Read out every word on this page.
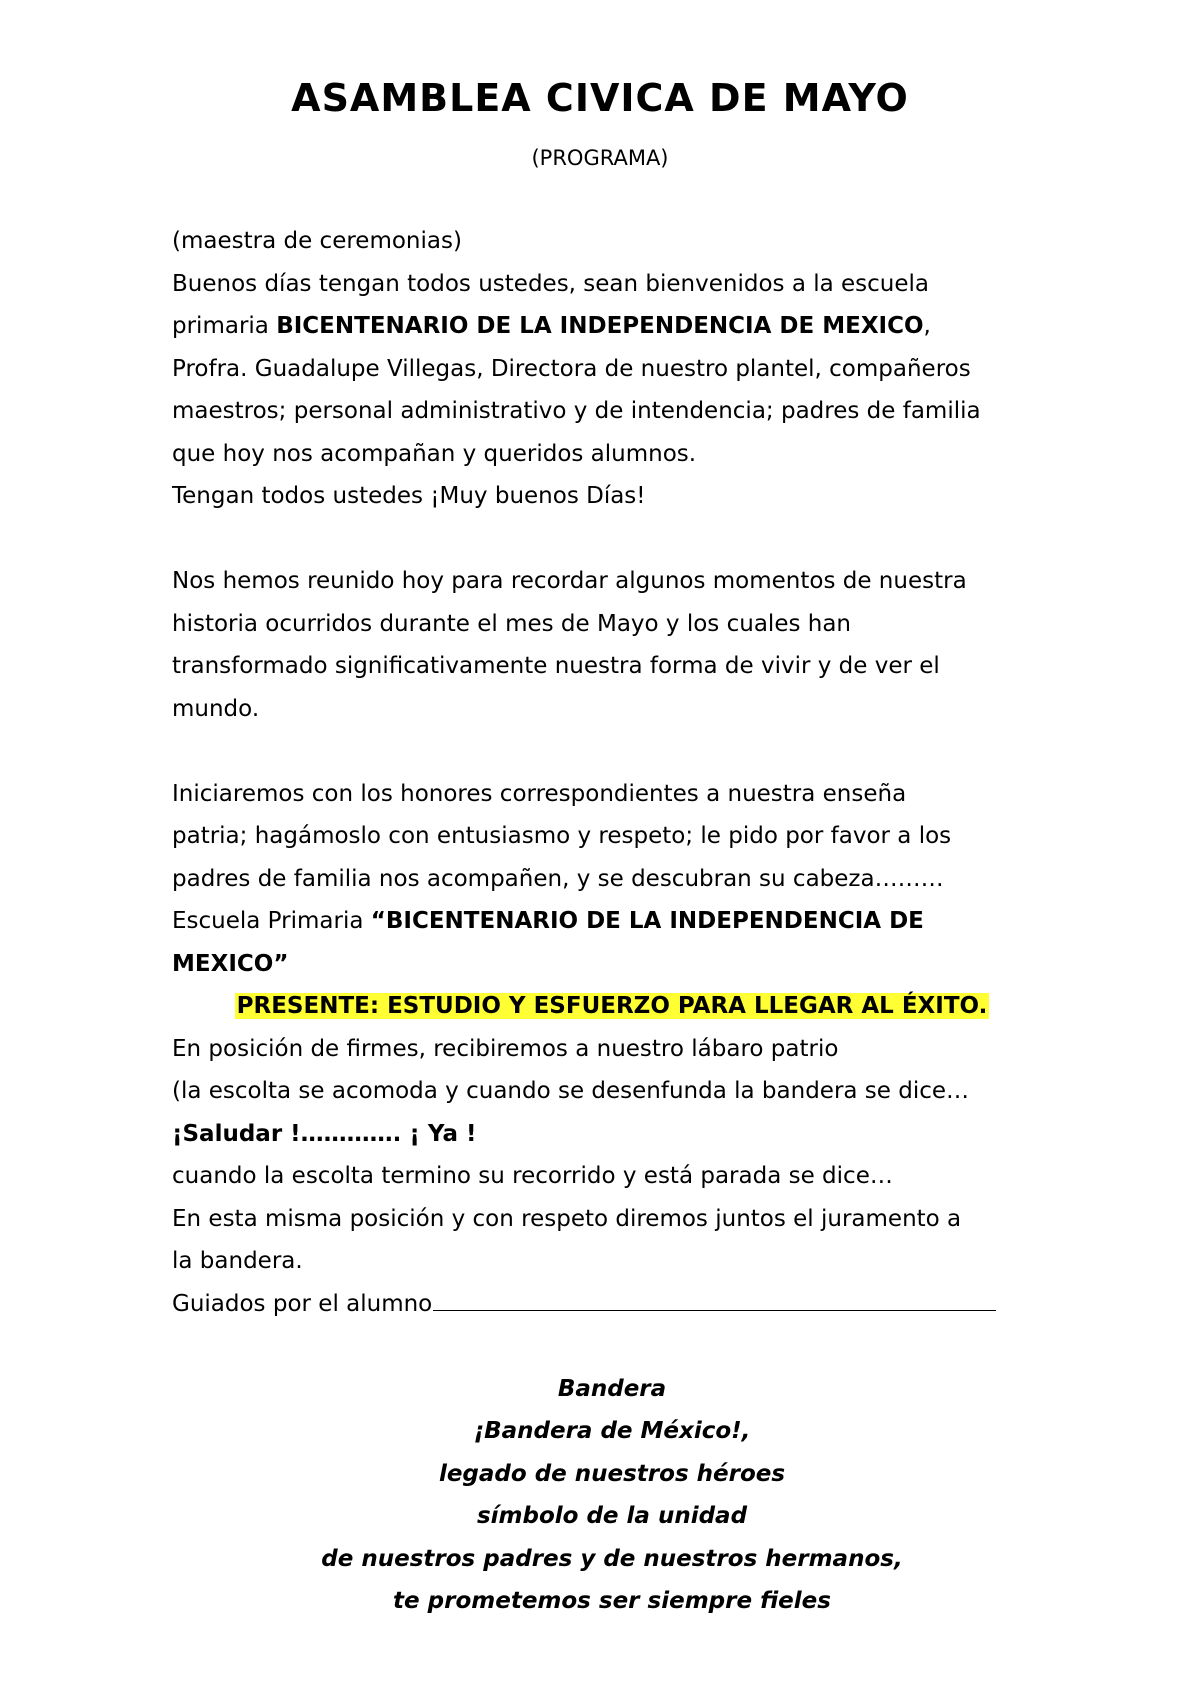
ASAMBLEA CIVICA DE MAYO
(PROGRAMA)
(maestra de ceremonias)
Buenos días tengan todos ustedes, sean bienvenidos a la escuela
primaria BICENTENARIO DE LA INDEPENDENCIA DE MEXICO,
Profra. Guadalupe Villegas, Directora de nuestro plantel, compañeros
maestros; personal administrativo y de intendencia; padres de familia
que hoy nos acompañan y queridos alumnos.
Tengan todos ustedes ¡Muy buenos Días!
Nos hemos reunido hoy para recordar algunos momentos de nuestra
historia ocurridos durante el mes de Mayo y los cuales han
transformado significativamente nuestra forma de vivir y de ver el
mundo.
Iniciaremos con los honores correspondientes a nuestra enseña
patria; hagámoslo con entusiasmo y respeto; le pido por favor a los
padres de familia nos acompañen, y se descubran su cabeza………
Escuela Primaria “BICENTENARIO DE LA INDEPENDENCIA DE
MEXICO”
PRESENTE: ESTUDIO Y ESFUERZO PARA LLEGAR AL ÉXITO.
En posición de firmes, recibiremos a nuestro lábaro patrio
(la escolta se acomoda y cuando se desenfunda la bandera se dice…
¡Saludar !…………. ¡ Ya !
cuando la escolta termino su recorrido y está parada se dice…
En esta misma posición y con respeto diremos juntos el juramento a
la bandera.
Guiados por el alumno
Bandera
¡Bandera de México!,
legado de nuestros héroes
símbolo de la unidad
de nuestros padres y de nuestros hermanos,
te prometemos ser siempre fieles
